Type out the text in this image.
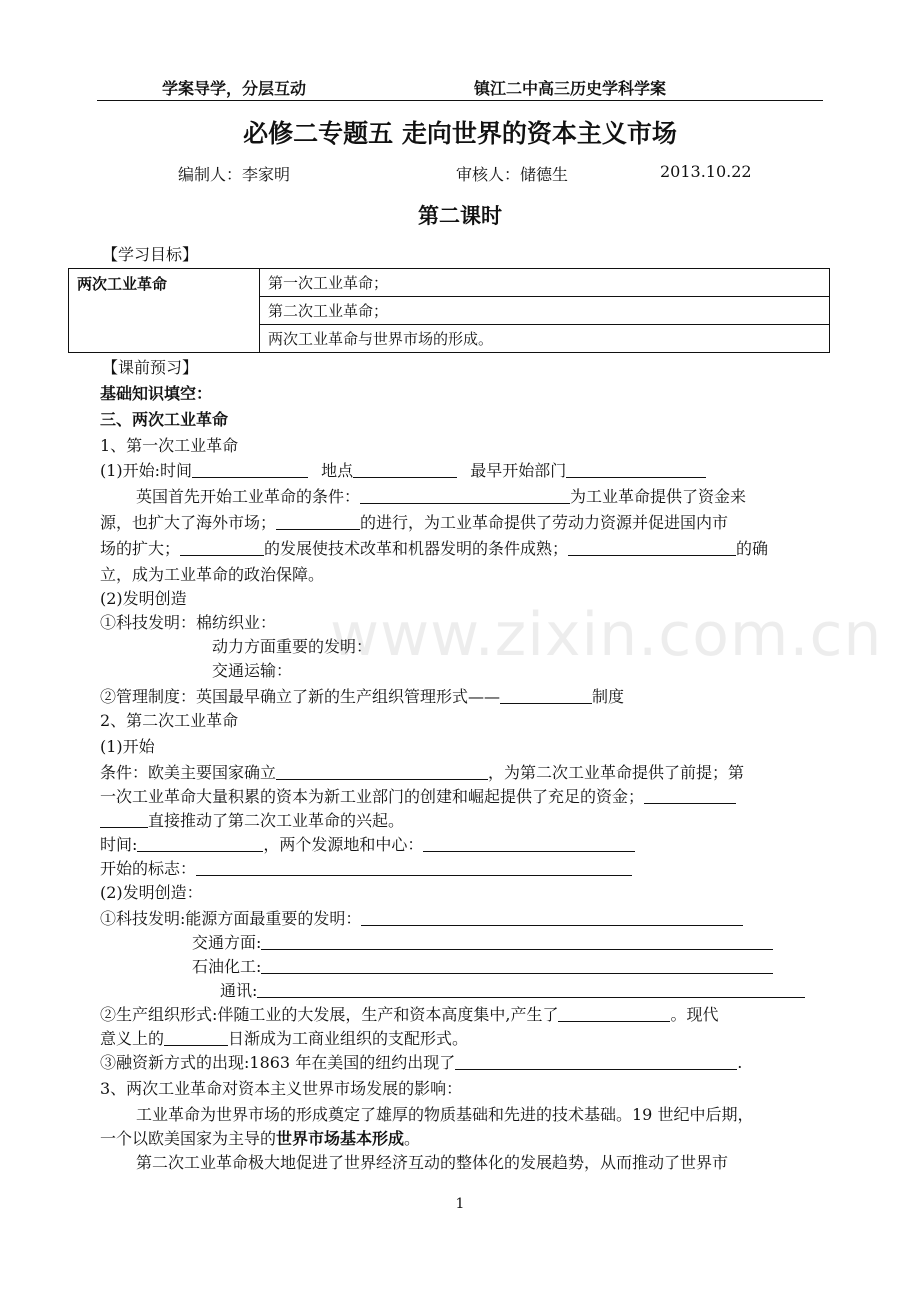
学案导学，分层互动	镇江二中高三历史学科学案
必修二专题五 走向世界的资本主义市场
编制人：李家明	审核人：储德生	2013.10.22
第二课时
【学习目标】
两次工业革命	第一次工业革命；
第二次工业革命；
两次工业革命与世界市场的形成。
【课前预习】
基础知识填空：
三、两次工业革命
1、第一次工业革命
(1)开始:时间	地点	最早开始部门
英国首先开始工业革命的条件：	为工业革命提供了资金来
源，也扩大了海外市场；	的进行，为工业革命提供了劳动力资源并促进国内市
场的扩大；	的发展使技术改革和机器发明的条件成熟；	的确
立，成为工业革命的政治保障。
(2)发明创造
①科技发明：棉纺织业：
动力方面重要的发明：
交通运输：
②管理制度：英国最早确立了新的生产组织管理形式——	制度
2、第二次工业革命
(1)开始
条件：欧美主要国家确立	，为第二次工业革命提供了前提；第
一次工业革命大量积累的资本为新工业部门的创建和崛起提供了充足的资金；
直接推动了第二次工业革命的兴起。
时间:	，两个发源地和中心：
开始的标志：
(2)发明创造：
①科技发明:能源方面最重要的发明：
交通方面:
石油化工:
通讯:
②生产组织形式:伴随工业的大发展，生产和资本高度集中,产生了	。现代
意义上的	日渐成为工商业组织的支配形式。
③融资新方式的出现:1863 年在美国的纽约出现了	.
3、两次工业革命对资本主义世界市场发展的影响：
工业革命为世界市场的形成奠定了雄厚的物质基础和先进的技术基础。19 世纪中后期，
一个以欧美国家为主导的世界市场基本形成。
第二次工业革命极大地促进了世界经济互动的整体化的发展趋势，从而推动了世界市
www.zixin.com.cn
1
